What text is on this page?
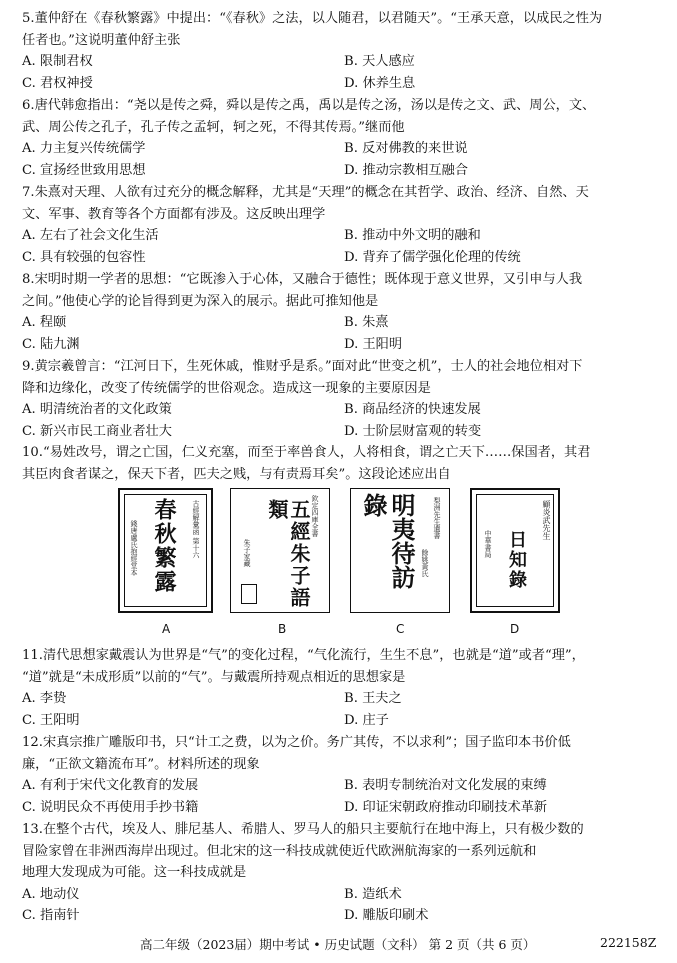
5.董仲舒在《春秋繁露》中提出：“《春秋》之法，以人随君，以君随天”。“王承天意，以成民之性为

任者也。”这说明董仲舒主张

A. 限制君权	B. 天人感应
C. 君权神授	D. 休养生息

6.唐代韩愈指出：“尧以是传之舜，舜以是传之禹，禹以是传之汤，汤以是传之文、武、周公，文、

武、周公传之孔子，孔子传之孟轲，轲之死，不得其传焉。”继而他

A. 力主复兴传统儒学	B. 反对佛教的来世说
C. 宣扬经世致用思想	D. 推动宗教相互融合

7.朱熹对天理、人欲有过充分的概念解释，尤其是“天理”的概念在其哲学、政治、经济、自然、天

文、军事、教育等各个方面都有涉及。这反映出理学

A. 左右了社会文化生活	B. 推动中外文明的融和
C. 具有较强的包容性	D. 背弃了儒学强化伦理的传统

8.宋明时期一学者的思想：“它既渗入于心体，又融合于德性；既体现于意义世界，又引申与人我

之间。”他使心学的论旨得到更为深入的展示。据此可推知他是

A. 程颐	B. 朱熹
C. 陆九渊	D. 王阳明

9.黄宗羲曾言：“江河日下，生死休戚，惟财乎是系。”面对此“世变之机”，士人的社会地位相对下

降和边缘化，改变了传统儒学的世俗观念。造成这一现象的主要原因是

A. 明清统治者的文化政策	B. 商品经济的快速发展
C. 新兴市民工商业者壮大	D. 士阶层财富观的转变

10.“易姓改号，谓之亡国，仁义充塞，而至于率兽食人，人将相食，谓之亡天下……保国者，其君

其臣肉食者谋之，保天下者，匹夫之贱，与有责焉耳矣”。这段论述应出自

春秋繁露 古經解彙函 第十六
錢唐盧氏抱經堂本
A
五經朱子語類	欽定四庫全書
朱子家藏
B
明夷待訪錄	梨洲先生遺書
餘姚黃氏
C
日知錄
顧炎武先生
中華書局
D

11.清代思想家戴震认为世界是“气”的变化过程，“气化流行，生生不息”，也就是“道”或者“理”，

“道”就是“未成形质”以前的“气”。与戴震所持观点相近的思想家是

A. 李贽	B. 王夫之
C. 王阳明	D. 庄子

12.宋真宗推广雕版印书，只“计工之费，以为之价。务广其传，不以求利”；国子监印本书价低

廉，“正欲文籍流布耳”。材料所述的现象

A. 有利于宋代文化教育的发展	B. 表明专制统治对文化发展的束缚
C. 说明民众不再使用手抄书籍	D. 印证宋朝政府推动印刷技术革新

13.在整个古代，埃及人、腓尼基人、希腊人、罗马人的船只主要航行在地中海上，只有极少数的

冒险家曾在非洲西海岸出现过。但北宋的这一科技成就使近代欧洲航海家的一系列远航和

地理大发现成为可能。这一科技成就是

A. 地动仪	B. 造纸术
C. 指南针	D. 雕版印刷术
高二年级（2023届）期中考试 • 历史试题（文科） 第 2 页（共 6 页）	222158Z
